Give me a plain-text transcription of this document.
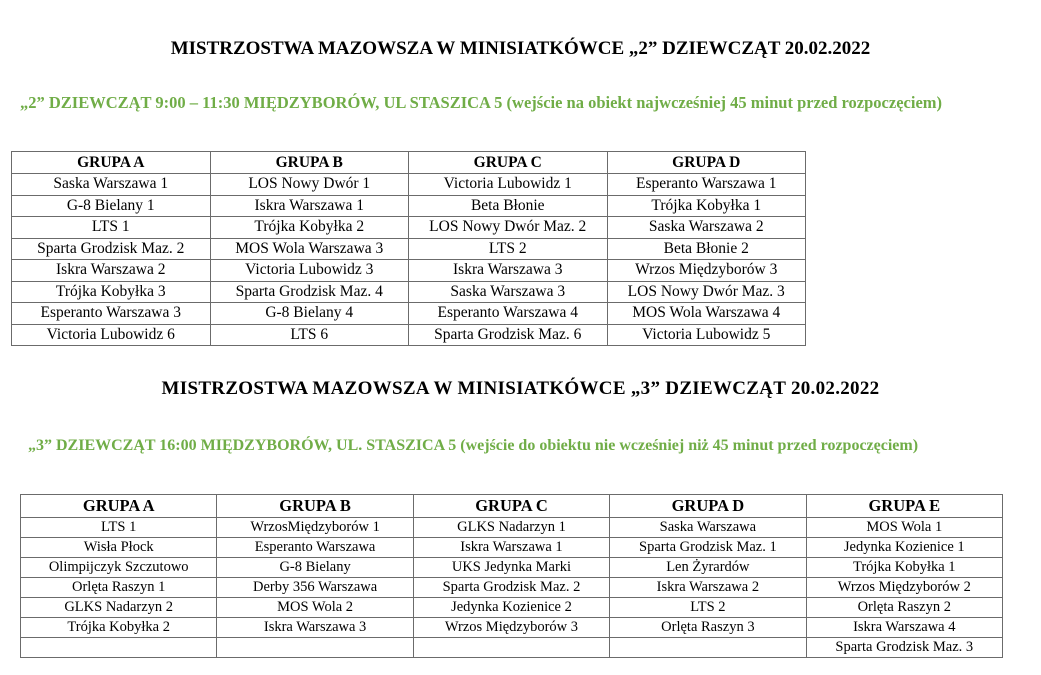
MISTRZOSTWA MAZOWSZA W MINISIATKÓWCE „2” DZIEWCZĄT 20.02.2022
„2” DZIEWCZĄT 9:00 – 11:30 MIĘDZYBORÓW, UL STASZICA 5 (wejście na obiekt najwcześniej 45 minut przed rozpoczęciem)
GRUPA A	GRUPA B	GRUPA C	GRUPA D
Saska Warszawa 1	LOS Nowy Dwór 1	Victoria Lubowidz 1	Esperanto Warszawa 1
G-8 Bielany 1	Iskra Warszawa 1	Beta Błonie	Trójka Kobyłka 1
LTS 1	Trójka Kobyłka 2	LOS Nowy Dwór Maz. 2	Saska Warszawa 2
Sparta Grodzisk Maz. 2	MOS Wola Warszawa 3	LTS 2	Beta Błonie 2
Iskra Warszawa 2	Victoria Lubowidz 3	Iskra Warszawa 3	Wrzos Międzyborów 3
Trójka Kobyłka 3	Sparta Grodzisk Maz. 4	Saska Warszawa 3	LOS Nowy Dwór Maz. 3
Esperanto Warszawa 3	G-8 Bielany 4	Esperanto Warszawa 4	MOS Wola Warszawa 4
Victoria Lubowidz 6	LTS 6	Sparta Grodzisk Maz. 6	Victoria Lubowidz 5
MISTRZOSTWA MAZOWSZA W MINISIATKÓWCE „3” DZIEWCZĄT 20.02.2022
„3” DZIEWCZĄT 16:00 MIĘDZYBORÓW, UL. STASZICA 5 (wejście do obiektu nie wcześniej niż 45 minut przed rozpoczęciem)
GRUPA A	GRUPA B	GRUPA C	GRUPA D	GRUPA E
LTS 1	WrzosMiędzyborów 1	GLKS Nadarzyn 1	Saska Warszawa	MOS Wola 1
Wisła Płock	Esperanto Warszawa	Iskra Warszawa 1	Sparta Grodzisk Maz. 1	Jedynka Kozienice 1
Olimpijczyk Szczutowo	G-8 Bielany	UKS Jedynka Marki	Len Żyrardów	Trójka Kobyłka 1
Orlęta Raszyn 1	Derby 356 Warszawa	Sparta Grodzisk Maz. 2	Iskra Warszawa 2	Wrzos Międzyborów 2
GLKS Nadarzyn 2	MOS Wola 2	Jedynka Kozienice 2	LTS 2	Orlęta Raszyn 2
Trójka Kobyłka 2	Iskra Warszawa 3	Wrzos Międzyborów 3	Orlęta Raszyn 3	Iskra Warszawa 4
				Sparta Grodzisk Maz. 3
